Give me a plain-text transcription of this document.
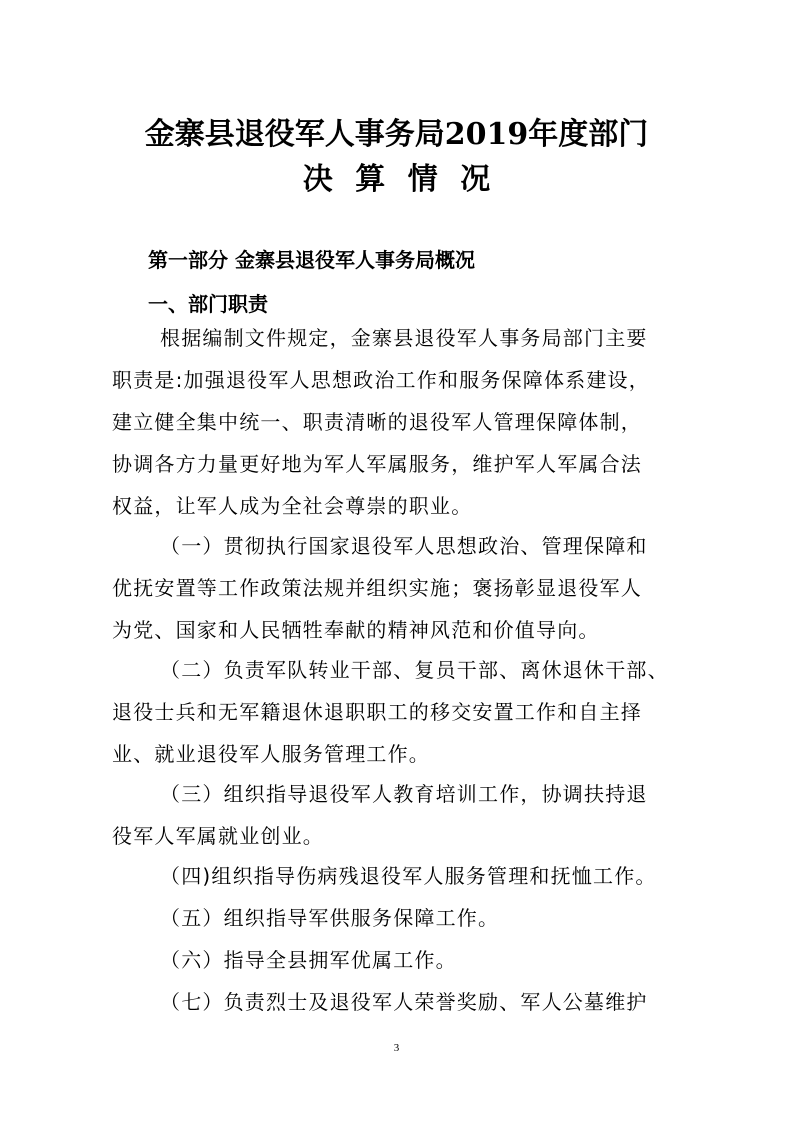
金寨县退役军人事务局2019年度部门
决算情况
第一部分 金寨县退役军人事务局概况
一、部门职责
根据编制文件规定，金寨县退役军人事务局部门主要
职责是:加强退役军人思想政治工作和服务保障体系建设，
建立健全集中统一、职责清晰的退役军人管理保障体制，
协调各方力量更好地为军人军属服务，维护军人军属合法
权益，让军人成为全社会尊崇的职业。
（一）贯彻执行国家退役军人思想政治、管理保障和
优抚安置等工作政策法规并组织实施；褒扬彰显退役军人
为党、国家和人民牺牲奉献的精神风范和价值导向。
（二）负责军队转业干部、复员干部、离休退休干部、
退役士兵和无军籍退休退职职工的移交安置工作和自主择
业、就业退役军人服务管理工作。
（三）组织指导退役军人教育培训工作，协调扶持退
役军人军属就业创业。
（四)组织指导伤病残退役军人服务管理和抚恤工作。
（五）组织指导军供服务保障工作。
（六）指导全县拥军优属工作。
（七）负责烈士及退役军人荣誉奖励、军人公墓维护
3
